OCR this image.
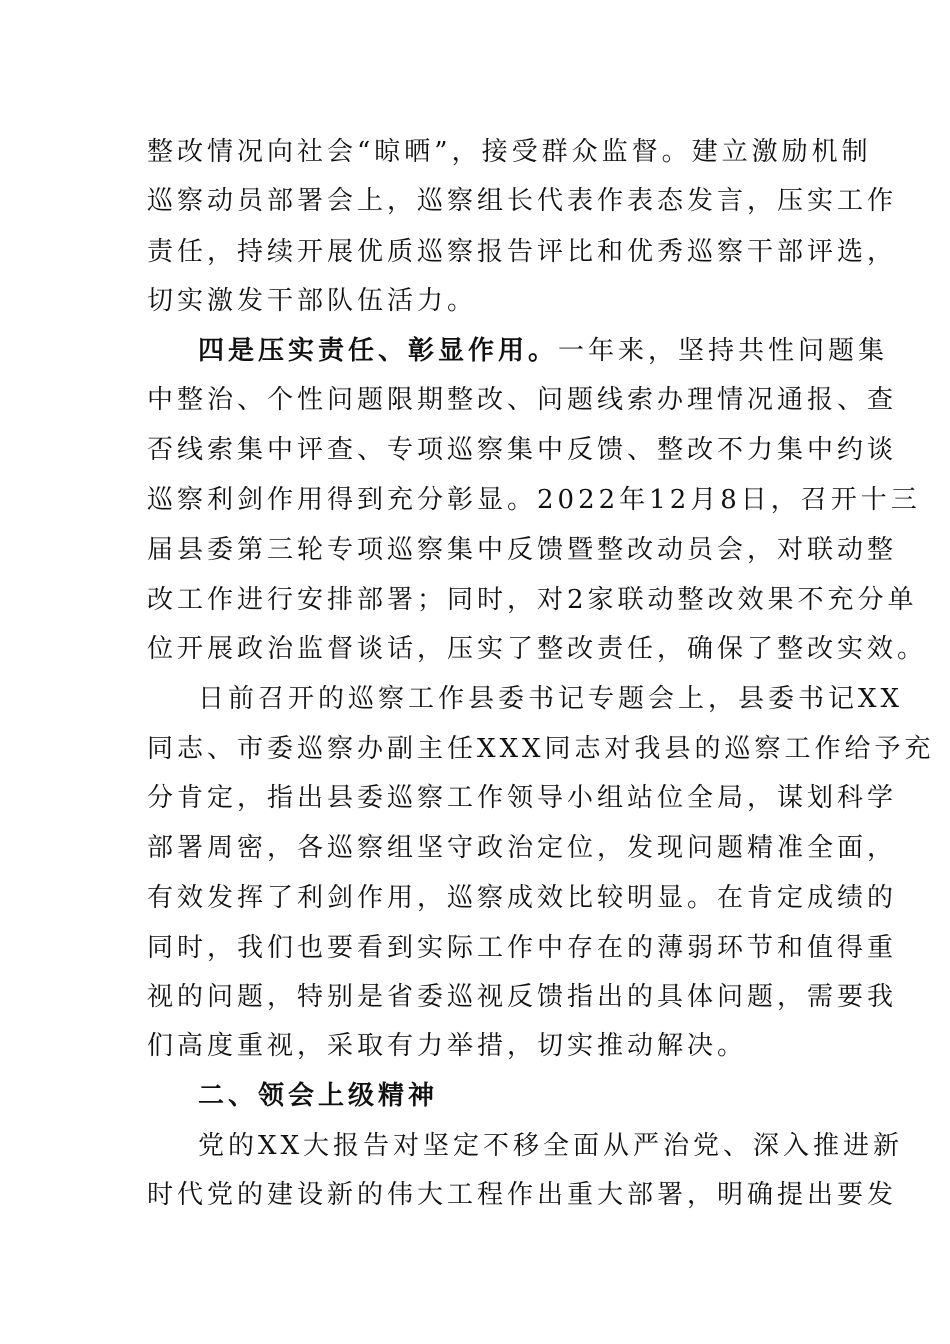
整改情况向社会“晾晒”，接受群众监督。建立激励机制
巡察动员部署会上，巡察组长代表作表态发言，压实工作
责任，持续开展优质巡察报告评比和优秀巡察干部评选，
切实激发干部队伍活力。
四是压实责任、彰显作用。一年来，坚持共性问题集
中整治、个性问题限期整改、问题线索办理情况通报、查
否线索集中评查、专项巡察集中反馈、整改不力集中约谈
巡察利剑作用得到充分彰显。2022年12月8日，召开十三
届县委第三轮专项巡察集中反馈暨整改动员会，对联动整
改工作进行安排部署；同时，对2家联动整改效果不充分单
位开展政治监督谈话，压实了整改责任，确保了整改实效。
日前召开的巡察工作县委书记专题会上，县委书记XX
同志、市委巡察办副主任XXX同志对我县的巡察工作给予充
分肯定，指出县委巡察工作领导小组站位全局，谋划科学
部署周密，各巡察组坚守政治定位，发现问题精准全面，
有效发挥了利剑作用，巡察成效比较明显。在肯定成绩的
同时，我们也要看到实际工作中存在的薄弱环节和值得重
视的问题，特别是省委巡视反馈指出的具体问题，需要我
们高度重视，采取有力举措，切实推动解决。
二、领会上级精神
党的XX大报告对坚定不移全面从严治党、深入推进新
时代党的建设新的伟大工程作出重大部署，明确提出要发
